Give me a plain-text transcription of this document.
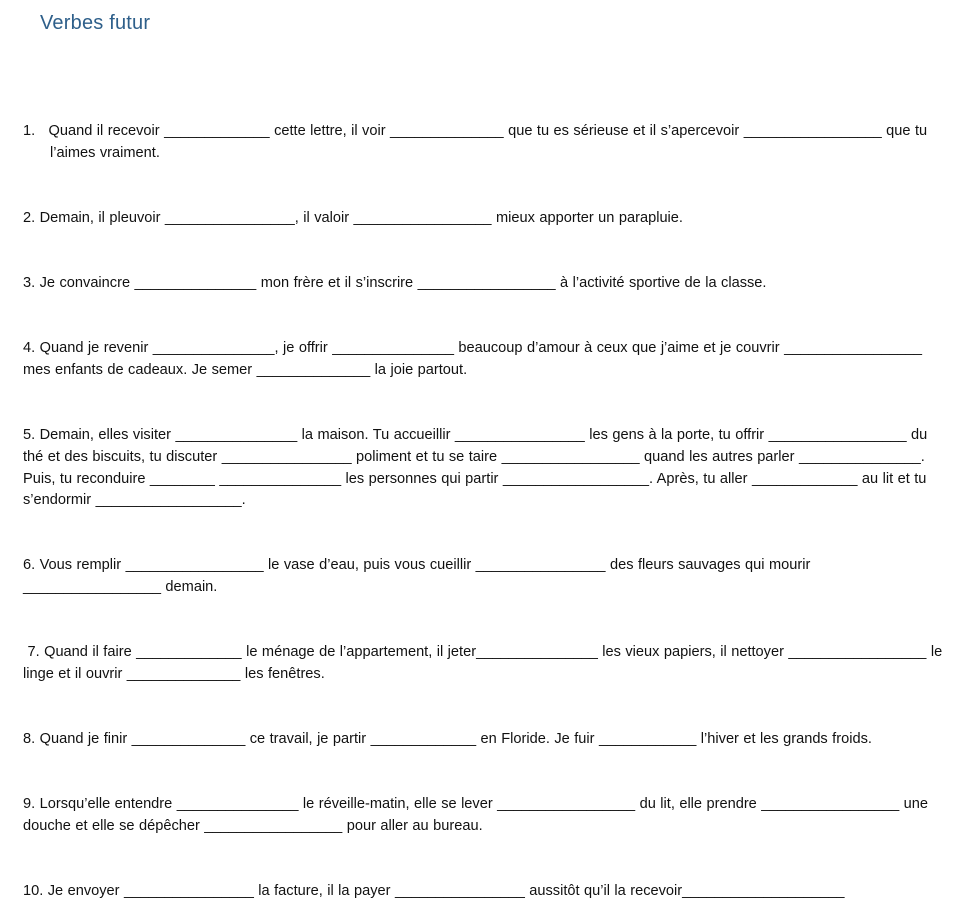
Verbes futur

1.   Quand il recevoir _____________ cette lettre, il voir ______________ que tu es sérieuse et il s’apercevoir _________________ que tu l’aimes vraiment.

2. Demain, il pleuvoir ________________, il valoir _________________ mieux apporter un parapluie.

3. Je convaincre _______________ mon frère et il s’inscrire _________________ à l’activité sportive de la classe.

4. Quand je revenir _______________, je offrir _______________ beaucoup d’amour à ceux que j’aime et je couvrir _________________ mes enfants de cadeaux. Je semer ______________ la joie partout.

5. Demain, elles visiter _______________ la maison. Tu accueillir ________________ les gens à la porte, tu offrir _________________ du thé et des biscuits, tu discuter ________________ poliment et tu se taire _________________ quand les autres parler _______________. Puis, tu reconduire ________ _______________ les personnes qui partir __________________. Après, tu aller _____________ au lit et tu s’endormir __________________.

6. Vous remplir _________________ le vase d’eau, puis vous cueillir ________________ des fleurs sauvages qui mourir _________________ demain.

7. Quand il faire _____________ le ménage de l’appartement, il jeter_______________ les vieux papiers, il nettoyer _________________ le linge et il ouvrir ______________ les fenêtres.

8. Quand je finir ______________ ce travail, je partir _____________ en Floride. Je fuir ____________ l’hiver et les grands froids.

9. Lorsqu’elle entendre _______________ le réveille-matin, elle se lever _________________ du lit, elle prendre _________________ une douche et elle se dépêcher _________________ pour aller au bureau.

10. Je envoyer ________________ la facture, il la payer ________________ aussitôt qu’il la recevoir____________________
